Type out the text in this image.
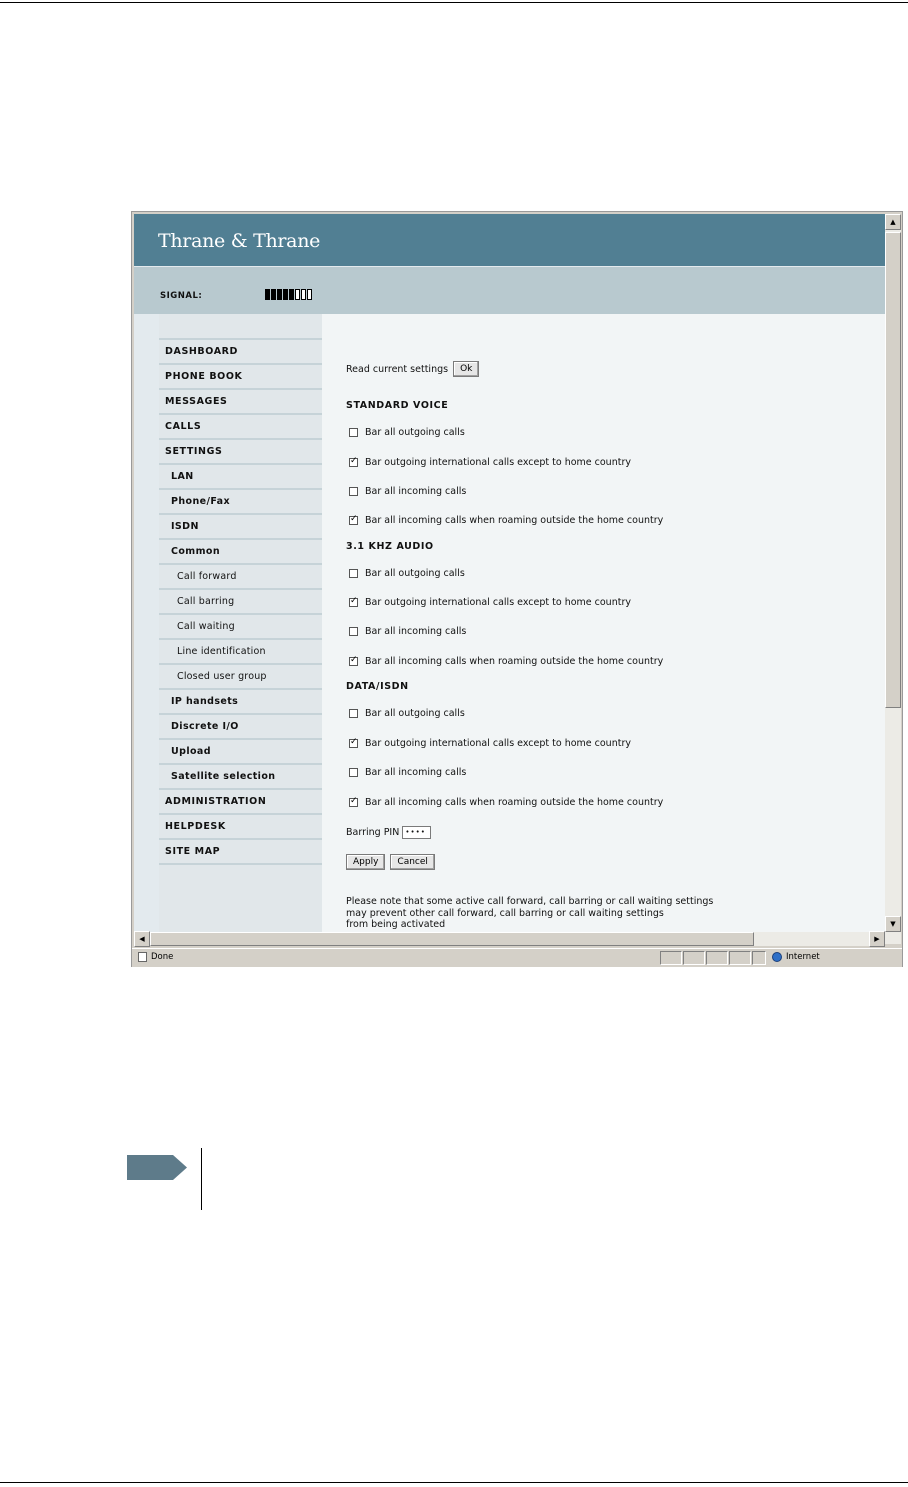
Thrane & Thrane
SIGNAL:
DASHBOARD
PHONE BOOK
MESSAGES
CALLS
SETTINGS
LAN
Phone/Fax
ISDN
Common
Call forward
Call barring
Call waiting
Line identification
Closed user group
IP handsets
Discrete I/O
Upload
Satellite selection
ADMINISTRATION
HELPDESK
SITE MAP
Read current settings	Ok
STANDARD VOICE
Bar all outgoing calls
✓
Bar outgoing international calls except to home country
Bar all incoming calls
✓
Bar all incoming calls when roaming outside the home country
3.1 KHZ AUDIO
Bar all outgoing calls
✓
Bar outgoing international calls except to home country
Bar all incoming calls
✓
Bar all incoming calls when roaming outside the home country
DATA/ISDN
Bar all outgoing calls
✓
Bar outgoing international calls except to home country
Bar all incoming calls
✓
Bar all incoming calls when roaming outside the home country
Barring PIN ••••
Apply	Cancel
Please note that some active call forward, call barring or call waiting settings
may prevent other call forward, call barring or call waiting settings
from being activated
▲
▼
◀	▶
Done	Internet
